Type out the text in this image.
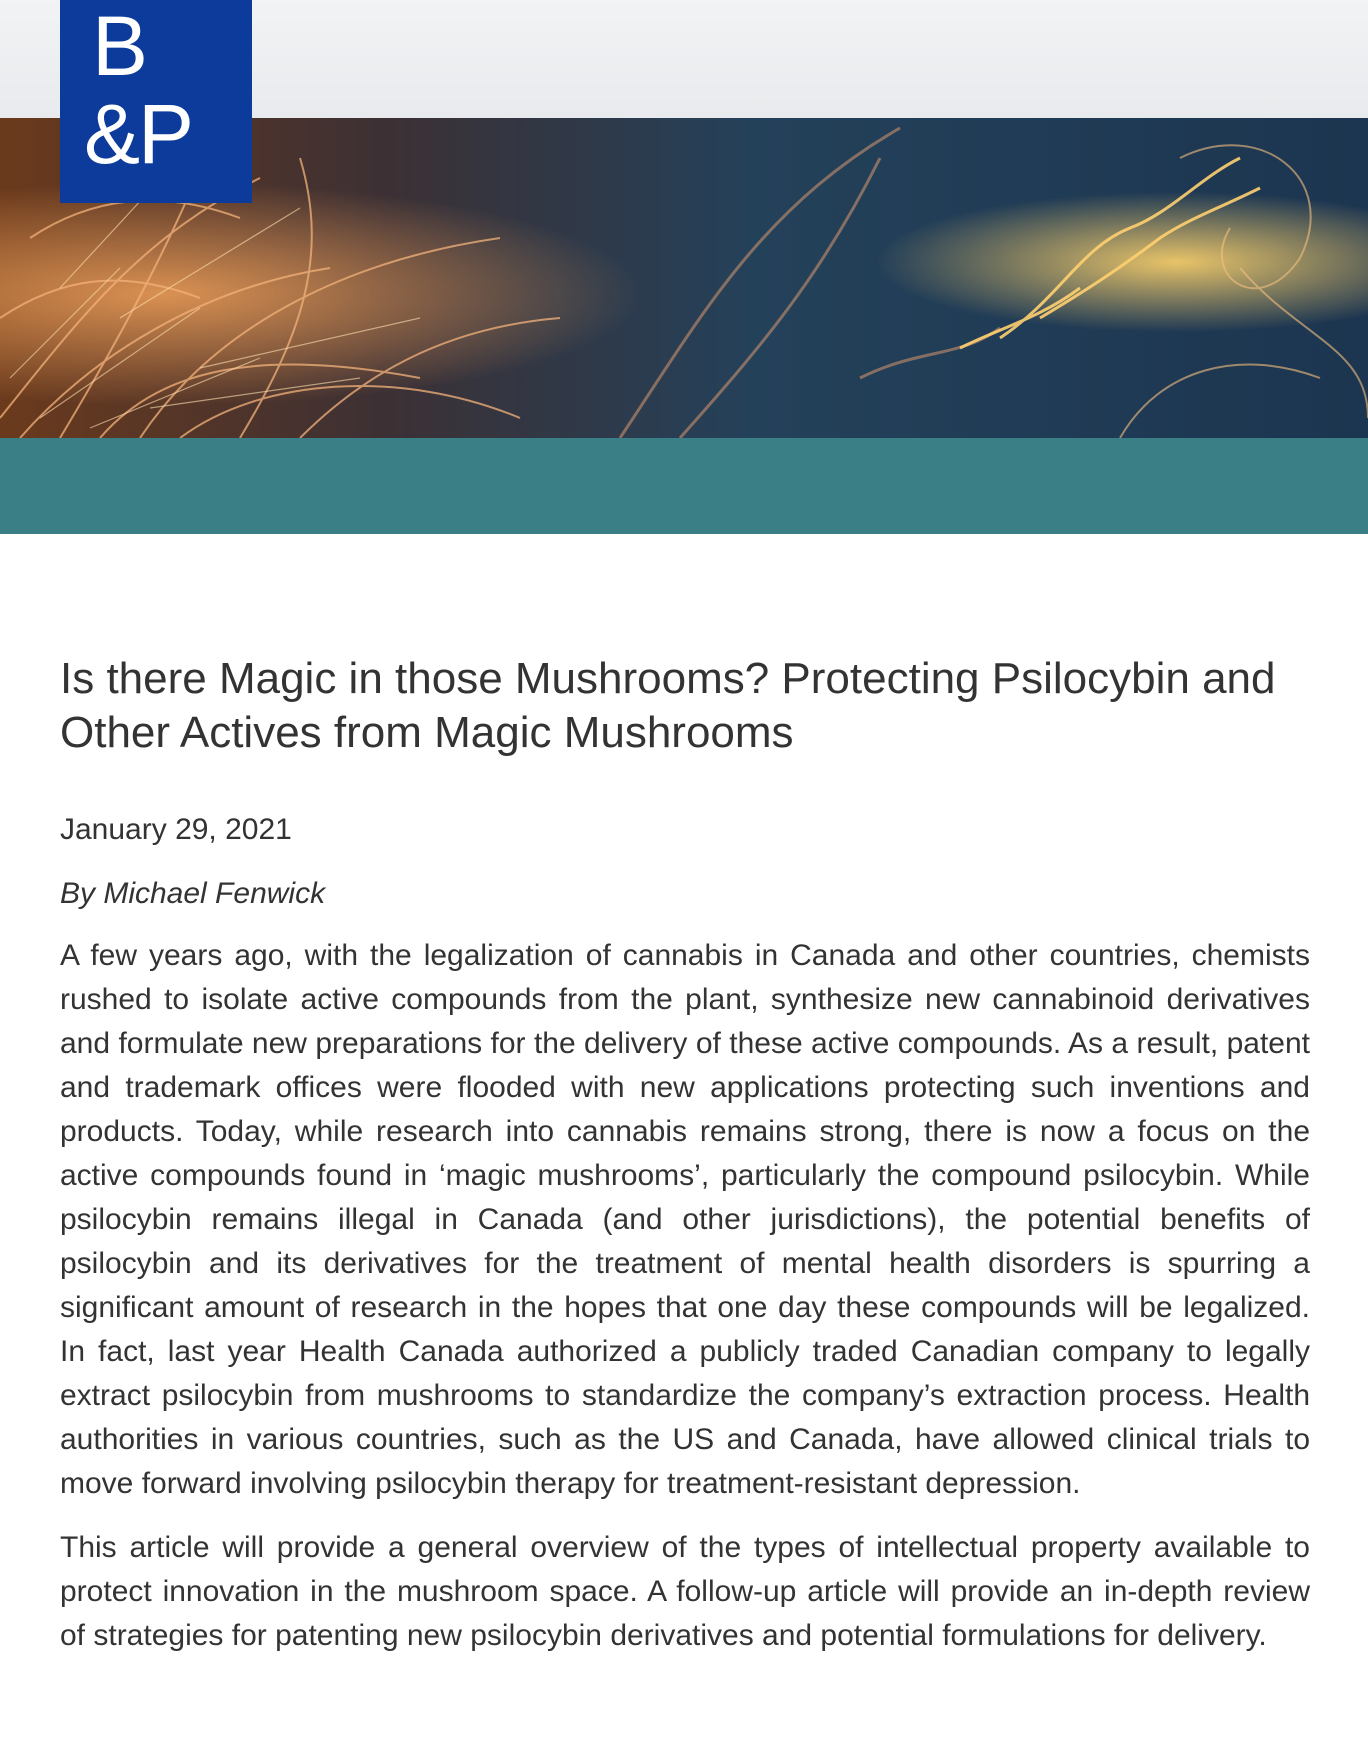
B
&P
Is there Magic in those Mushrooms? Protecting Psilocybin and Other Actives from Magic Mushrooms
January 29, 2021
By Michael Fenwick

A few years ago, with the legalization of cannabis in Canada and other countries, chemists rushed to isolate active compounds from the plant, synthesize new cannabinoid derivatives and formulate new preparations for the delivery of these active compounds. As a result, patent and trademark offices were flooded with new applications protecting such inventions and products. Today, while research into cannabis remains strong, there is now a focus on the active compounds found in ‘magic mushrooms’, particularly the compound psilocybin. While psilocybin remains illegal in Canada (and other jurisdictions), the potential benefits of psilocybin and its derivatives for the treatment of mental health disorders is spurring a significant amount of research in the hopes that one day these compounds will be legalized. In fact, last year Health Canada authorized a publicly traded Canadian company to legally extract psilocybin from mushrooms to standardize the company’s extraction process. Health authorities in various countries, such as the US and Canada, have allowed clinical trials to move forward involving psilocybin therapy for treatment-resistant depression.

This article will provide a general overview of the types of intellectual property available to protect innovation in the mushroom space. A follow-up article will provide an in-depth review of strategies for patenting new psilocybin derivatives and potential formulations for delivery.
